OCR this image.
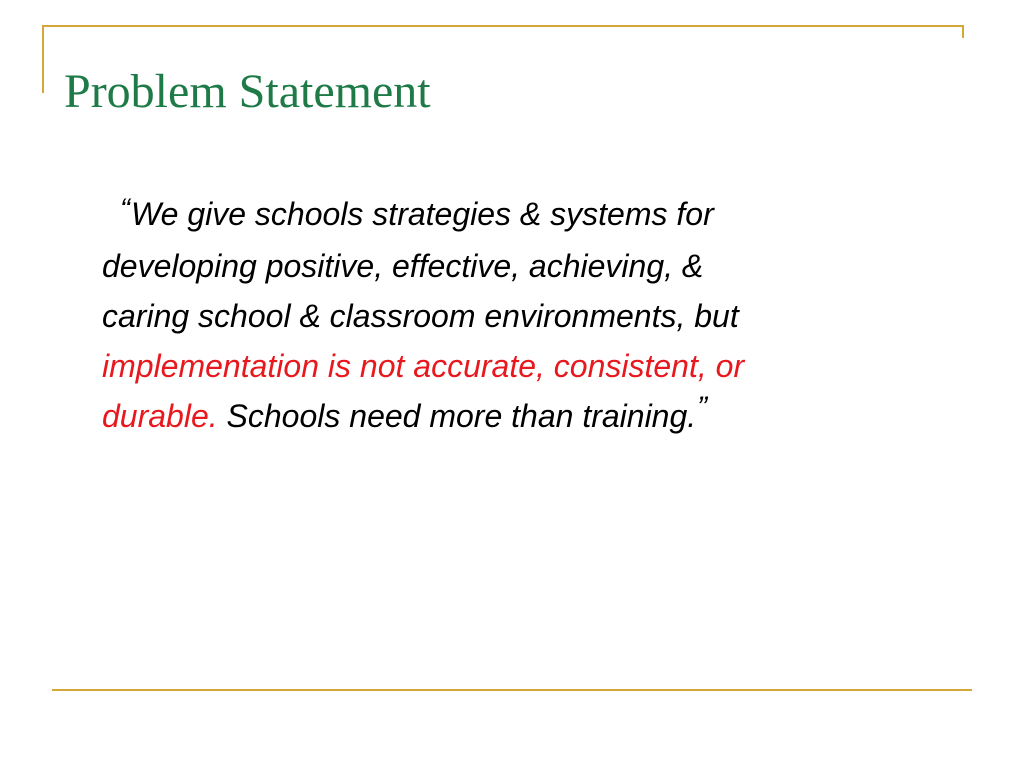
Problem Statement

“We give schools strategies & systems for
developing positive, effective, achieving, &
caring school & classroom environments, but
implementation is not accurate, consistent, or
durable. Schools need more than training.”
